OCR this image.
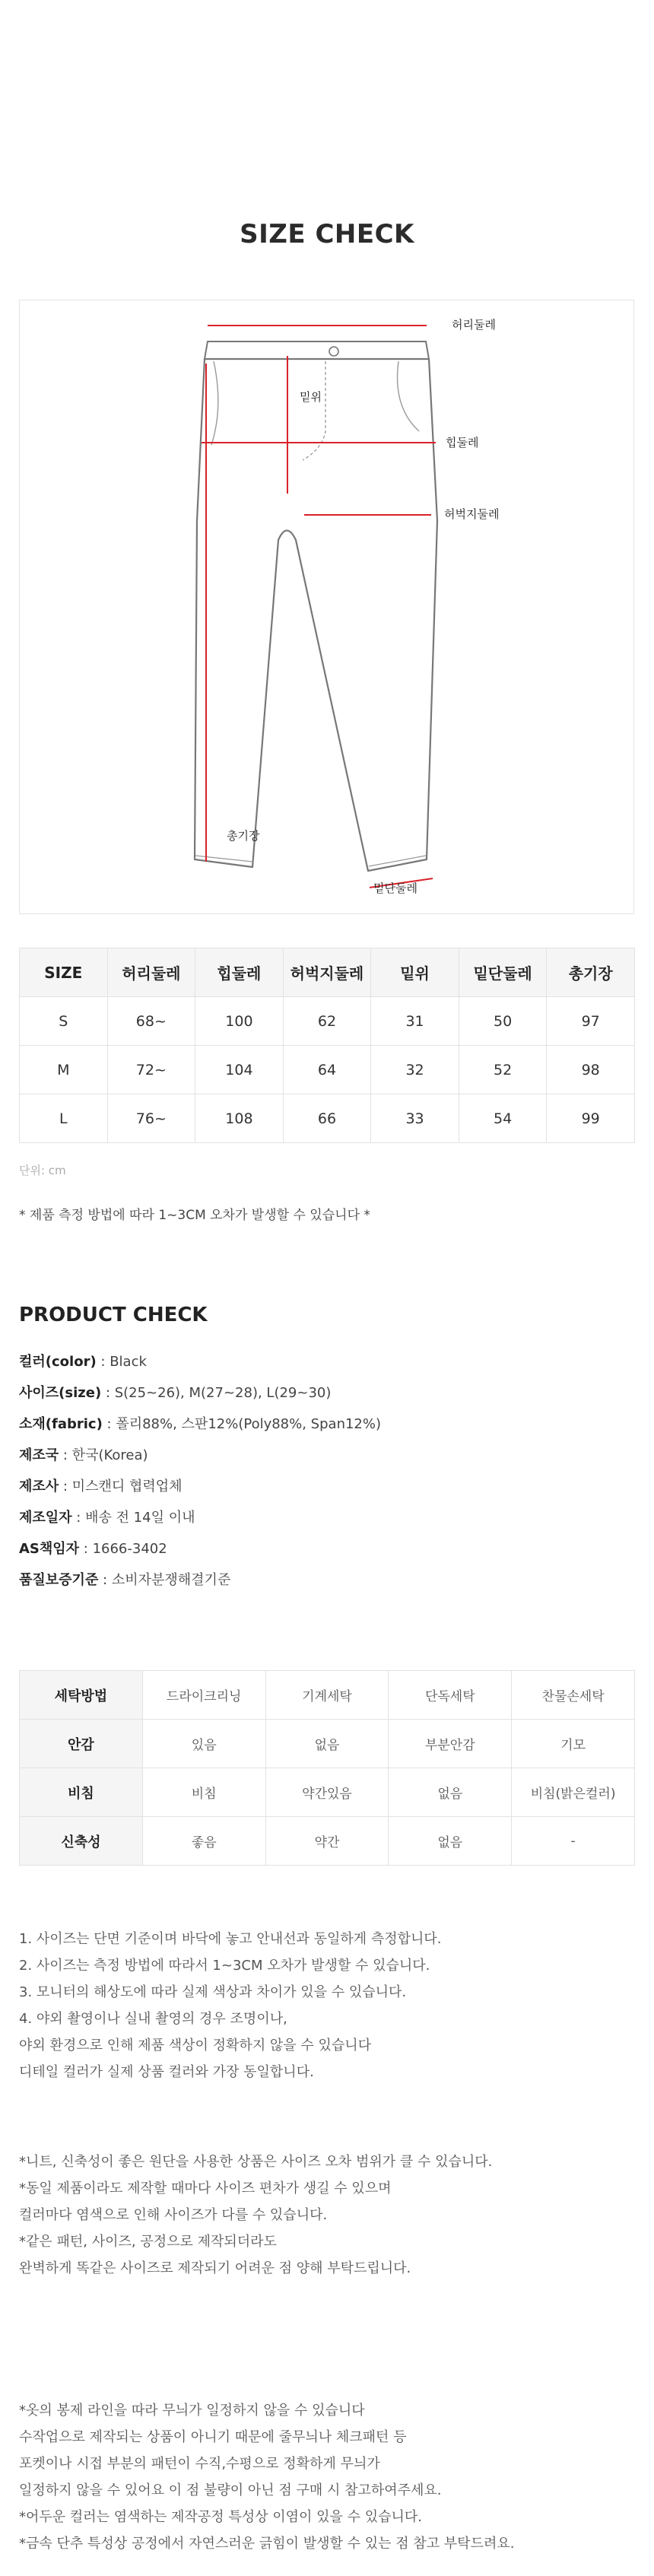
SIZE CHECK
허리둘레
밑위
힙둘레
허벅지둘레
총기장
밑단둘레
SIZE	허리둘레	힙둘레	허벅지둘레	밑위	밑단둘레	총기장
S	68~	100	62	31	50	97
M	72~	104	64	32	52	98
L	76~	108	66	33	54	99
단위: cm
* 제품 측정 방법에 따라 1~3CM 오차가 발생할 수 있습니다 *
PRODUCT CHECK
컬러(color) : Black
사이즈(size) : S(25~26), M(27~28), L(29~30)
소재(fabric) : 폴리88%, 스판12%(Poly88%, Span12%)
제조국 : 한국(Korea)
제조사 : 미스캔디 협력업체
제조일자 : 배송 전 14일 이내
AS책임자 : 1666-3402
품질보증기준 : 소비자분쟁해결기준
세탁방법	드라이크리닝	기계세탁	단독세탁	찬물손세탁
안감	있음	없음	부분안감	기모
비침	비침	약간있음	없음	비침(밝은컬러)
신축성	좋음	약간	없음	-
1. 사이즈는 단면 기준이며 바닥에 놓고 안내선과 동일하게 측정합니다.
2. 사이즈는 측정 방법에 따라서 1~3CM 오차가 발생할 수 있습니다.
3. 모니터의 해상도에 따라 실제 색상과 차이가 있을 수 있습니다.
4. 야외 촬영이나 실내 촬영의 경우 조명이나,
야외 환경으로 인해 제품 색상이 정확하지 않을 수 있습니다
디테일 컬러가 실제 상품 컬러와 가장 동일합니다.
*니트, 신축성이 좋은 원단을 사용한 상품은 사이즈 오차 범위가 클 수 있습니다.
*동일 제품이라도 제작할 때마다 사이즈 편차가 생길 수 있으며
컬러마다 염색으로 인해 사이즈가 다를 수 있습니다.
*같은 패턴, 사이즈, 공정으로 제작되더라도
완벽하게 똑같은 사이즈로 제작되기 어려운 점 양해 부탁드립니다.
*옷의 봉제 라인을 따라 무늬가 일정하지 않을 수 있습니다
수작업으로 제작되는 상품이 아니기 때문에 줄무늬나 체크패턴 등
포켓이나 시접 부분의 패턴이 수직,수평으로 정확하게 무늬가
일정하지 않을 수 있어요 이 점 불량이 아닌 점 구매 시 참고하여주세요.
*어두운 컬러는 염색하는 제작공정 특성상 이염이 있을 수 있습니다.
*금속 단추 특성상 공정에서 자연스러운 긁힘이 발생할 수 있는 점 참고 부탁드려요.
